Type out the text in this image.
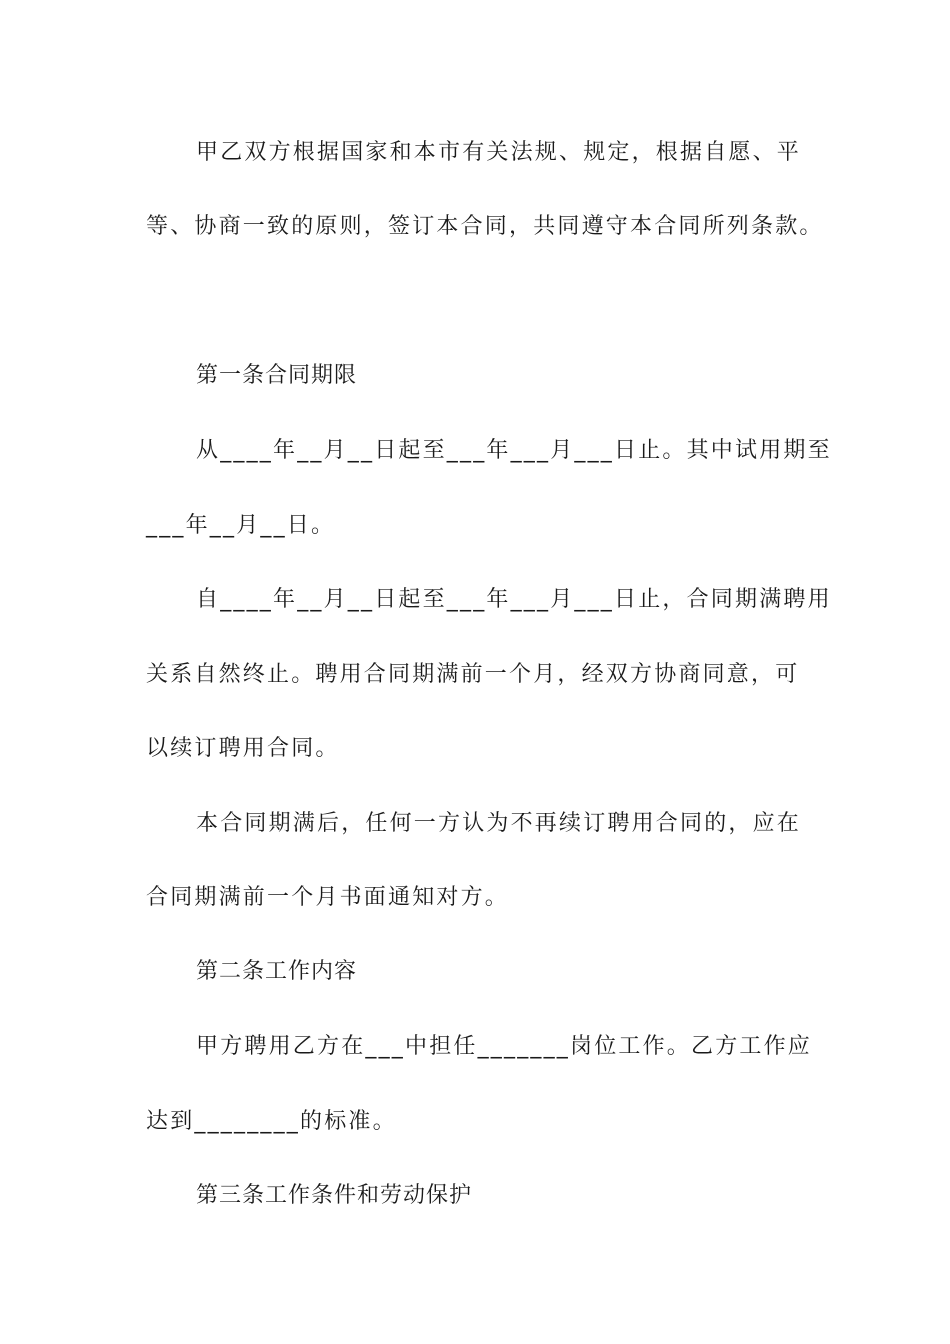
甲乙双方根据国家和本市有关法规、规定，根据自愿、平
等、协商一致的原则，签订本合同，共同遵守本合同所列条款。
第一条合同期限
从____年__月__日起至___年___月___日止。其中试用期至
___年__月__日。
自____年__月__日起至___年___月___日止，合同期满聘用
关系自然终止。聘用合同期满前一个月，经双方协商同意，可
以续订聘用合同。
本合同期满后，任何一方认为不再续订聘用合同的，应在
合同期满前一个月书面通知对方。
第二条工作内容
甲方聘用乙方在___中担任_______岗位工作。乙方工作应
达到________的标准。
第三条工作条件和劳动保护
